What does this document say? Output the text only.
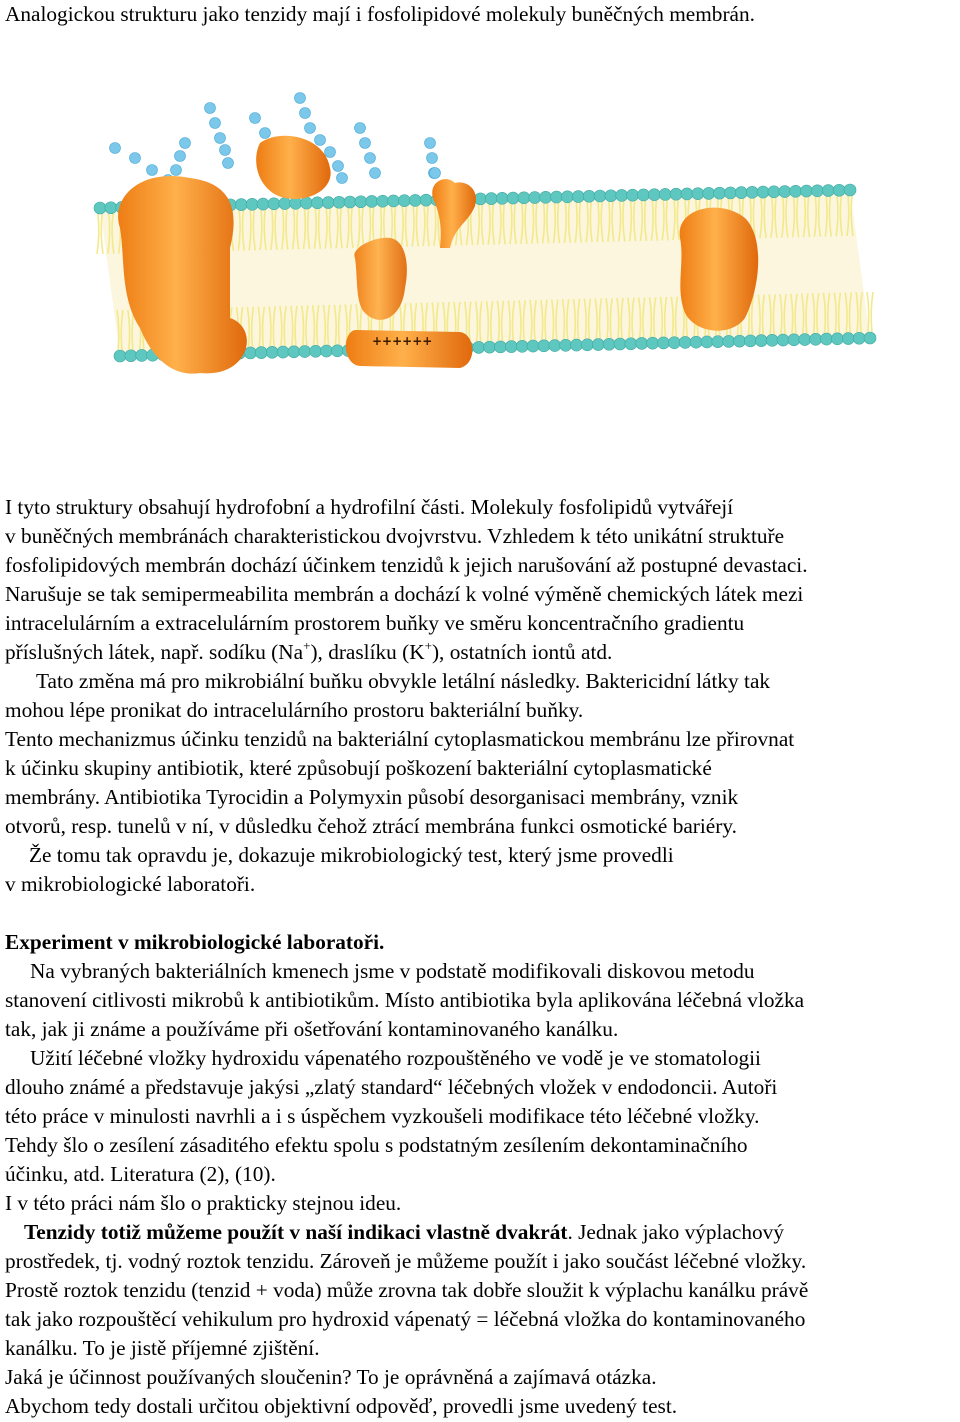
Analogickou strukturu jako tenzidy mají i fosfolipidové molekuly buněčných membrán.
++++++
I tyto struktury obsahují hydrofobní a hydrofilní části. Molekuly fosfolipidů vytvářejí
v buněčných membránách charakteristickou dvojvrstvu. Vzhledem k této unikátní struktuře
fosfolipidových membrán dochází účinkem tenzidů k jejich narušování až postupné devastaci.
Narušuje se tak semipermeabilita membrán a dochází k volné výměně chemických látek mezi
intracelulárním a extracelulárním prostorem buňky ve směru koncentračního gradientu
příslušných látek, např. sodíku (Na+), draslíku (K+), ostatních iontů atd.
Tato změna má pro mikrobiální buňku obvykle letální následky. Baktericidní látky tak
mohou lépe pronikat do intracelulárního prostoru bakteriální buňky.
Tento mechanizmus účinku tenzidů na bakteriální cytoplasmatickou membránu lze přirovnat
k účinku skupiny antibiotik, které způsobují poškození bakteriální cytoplasmatické
membrány. Antibiotika Tyrocidin a Polymyxin působí desorganisaci membrány, vznik
otvorů, resp. tunelů v ní, v důsledku čehož ztrácí membrána funkci osmotické bariéry.
Že tomu tak opravdu je, dokazuje mikrobiologický test, který jsme provedli
v mikrobiologické laboratoři.
Experiment v mikrobiologické laboratoři.
Na vybraných bakteriálních kmenech jsme v podstatě modifikovali diskovou metodu
stanovení citlivosti mikrobů k antibiotikům. Místo antibiotika byla aplikována léčebná vložka
tak, jak ji známe a používáme při ošetřování kontaminovaného kanálku.
Užití léčebné vložky hydroxidu vápenatého rozpouštěného ve vodě je ve stomatologii
dlouho známé a představuje jakýsi „zlatý standard“ léčebných vložek v endodoncii. Autoři
této práce v minulosti navrhli a i s úspěchem vyzkoušeli modifikace této léčebné vložky.
Tehdy šlo o zesílení zásaditého efektu spolu s podstatným zesílením dekontaminačního
účinku, atd. Literatura (2), (10).
I v této práci nám šlo o prakticky stejnou ideu.
Tenzidy totiž můžeme použít v naší indikaci vlastně dvakrát. Jednak jako výplachový
prostředek, tj. vodný roztok tenzidu. Zároveň je můžeme použít i jako součást léčebné vložky.
Prostě roztok tenzidu (tenzid + voda) může zrovna tak dobře sloužit k výplachu kanálku právě
tak jako rozpouštěcí vehikulum pro hydroxid vápenatý = léčebná vložka do kontaminovaného
kanálku. To je jistě příjemné zjištění.
Jaká je účinnost používaných sloučenin? To je oprávněná a zajímavá otázka.
Abychom tedy dostali určitou objektivní odpověď, provedli jsme uvedený test.
